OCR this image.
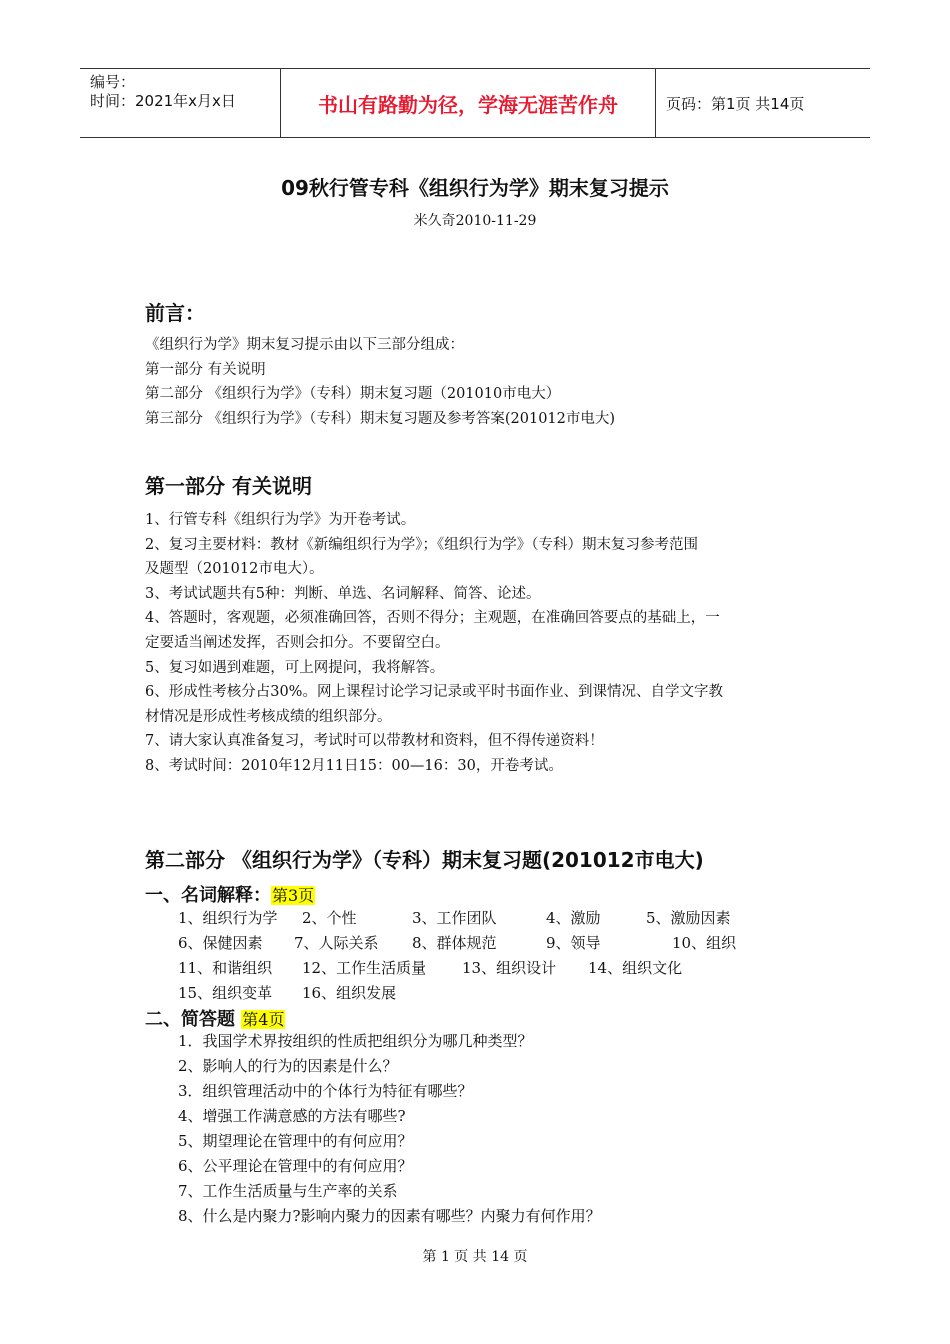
编号：
时间：2021年x月x日	书山有路勤为径，学海无涯苦作舟	页码：第1页 共14页
09秋行管专科《组织行为学》期末复习提示
米久奇2010-11-29
前言：
《组织行为学》期末复习提示由以下三部分组成：
第一部分 有关说明
第二部分 《组织行为学》（专科）期末复习题（201010市电大）
第三部分 《组织行为学》（专科）期末复习题及参考答案(201012市电大)
第一部分 有关说明
1、行管专科《组织行为学》为开卷考试。
2、复习主要材料：教材《新编组织行为学》；《组织行为学》（专科）期末复习参考范围
及题型（201012市电大）。
3、考试试题共有5种：判断、单选、名词解释、简答、论述。
4、答题时，客观题，必须准确回答，否则不得分；主观题，在准确回答要点的基础上，一
定要适当阐述发挥，否则会扣分。不要留空白。
5、复习如遇到难题，可上网提问，我将解答。
6、形成性考核分占30%。网上课程讨论学习记录或平时书面作业、到课情况、自学文字教
材情况是形成性考核成绩的组织部分。
7、请大家认真准备复习，考试时可以带教材和资料，但不得传递资料！
8、考试时间：2010年12月11日15：00—16：30，开卷考试。
第二部分 《组织行为学》（专科）期末复习题(201012市电大)
一、名词解释：第3页
1、组织行为学 2、个性	3、工作团队	4、激励	5、激励因素
6、保健因素 7、人际关系 8、群体规范	9、领导	10、组织
11、和谐组织 12、工作生活质量 13、组织设计 14、组织文化
15、组织变革 16、组织发展
二、简答题 第4页
1．我国学术界按组织的性质把组织分为哪几种类型？
2、影响人的行为的因素是什么？
3．组织管理活动中的个体行为特征有哪些？
4、增强工作满意感的方法有哪些?
5、期望理论在管理中的有何应用？
6、公平理论在管理中的有何应用？
7、工作生活质量与生产率的关系
8、什么是内聚力?影响内聚力的因素有哪些？内聚力有何作用？
第 1 页 共 14 页
